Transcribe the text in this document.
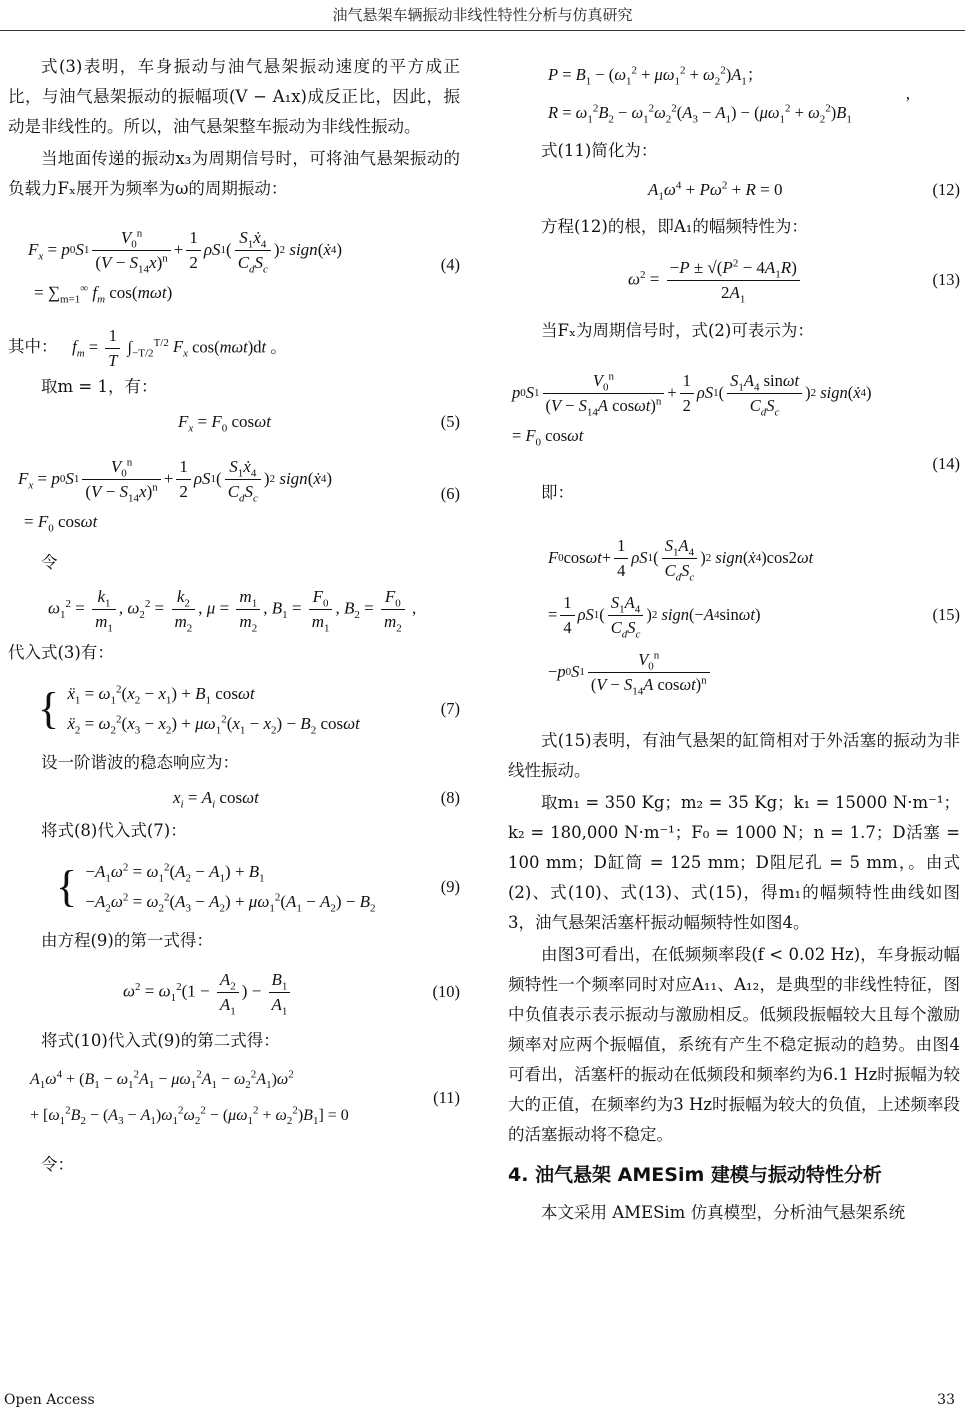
油气悬架车辆振动非线性特性分析与仿真研究

式(3)表明，车身振动与油气悬架振动速度的平方成正比，与油气悬架振动的振幅项(V − A₁x)成反正比，因此，振动是非线性的。所以，油气悬架整车振动为非线性振动。

当地面传递的振动x₃为周期信号时，可将油气悬架振动的负载力Fₓ展开为频率为ω的周期振动：

$F_x = p$ 0 S $1 \frac{V_0^n}{(V - S_{14}x)^n} + \frac{1}{2}$ ρS 1 ( $\frac{S_1ẋ_4}{C_dS_c}$ ) 2
sign ( ẋ 4 )
= $\sum_{m=1}^\infty$ $f_m$ cos(mωt)
(4)
其中： $f_m = \frac{1}{T} \int_{-T/2}^{T/2}$ $F_x$ cos(mωt)dt 。

取m = 1，有：

$F_x = F_0$ cosωt	(5)
$F_x = p$ 0 S $1 \frac{V_0^n}{(V - S_{14}x)^n} + \frac{1}{2}$ ρS 1 ( $\frac{S_1ẋ_4}{C_dS_c}$ ) 2
sign ( ẋ 4 )
= $F_0$ cosωt
(6)

令

$\omega_1^2 = \frac{k_1}{m_1}$ , $\omega_2^2 = \frac{k_2}{m_2}$ , $\mu = \frac{m_1}{m_2}$ , $B_1 = \frac{F_0}{m_1}$ , $B_2 = \frac{F_0}{m_2}$ ,

代入式(3)有：

{ ẍ$_1$ = $\omega_1^2(x_2 - x_1) + B_1$ cosωt
ẍ$_2$ = $\omega_2^2(x_3 - x_2) + \mu\omega_1^2(x_1 - x_2) - B_2$ cosωt
(7)

设一阶谐波的稳态响应为：

$x_i = A_i$ cosωt	(8)

将式(8)代入式(7)：

{ $-A_1\omega^2 = \omega_1^2(A_2 - A_1) + B_1$
$-A_2\omega^2 = \omega_2^2(A_3 - A_2) + \mu\omega_1^2(A_1 - A_2) - B_2$
(9)

由方程(9)的第一式得：

$\omega^2 = \omega_1^2(1 - \frac{A_2}{A_1}$ ) − $\frac{B_1}{A_1}$	(10)

将式(10)代入式(9)的第二式得：

$A_1\omega^4 + (B_1 - \omega_1^2A_1 - \mu\omega_1^2A_1 - \omega_2^2A_1)\omega^2$
+ $[\omega_1^2B_2 - (A_3 - A_1)\omega_1^2\omega_2^2 - (\mu\omega_1^2 + \omega_2^2)B_1] = 0$
(11)

令：

$P = B_1 - (\omega_1^2 + \mu\omega_1^2 + \omega_2^2)A_1$；
$R = \omega_1^2B_2 - \omega_1^2\omega_2^2(A_3 - A_1) - (\mu\omega_1^2 + \omega_2^2)B_1$
,

式(11)简化为：

$A_1\omega^4 + P\omega^2 + R = 0$	(12)

方程(12)的根，即A₁的幅频特性为：

$\omega^2 = \frac{-P \pm √(P^2 - 4A_1R)}{2A_1}$	(13)

当Fₓ为周期信号时，式(2)可表示为：

p 0 S $1 \frac{V_0^n}{(V - S_{14}A \cos\omega t)^n} + \frac{1}{2}$ ρS 1 ( $\frac{S_1A_4 \sin\omega t}{C_dS_c}$ ) 2
sign ( ẋ 4 )
= $F_0$ cosωt
(14)

即：

F 0 $\cos \omega t + \frac{1}{4}$ ρS 1 ( $\frac{S_1A_4}{C_dS_c}$ ) 2
sign ( ẋ 4 )cos2 ωt
= $\frac{1}{4}$ ρS 1 ( $\frac{S_1A_4}{C_dS_c}$ ) 2
sign (− A 4 sin ωt )
− p 0 S $1 \frac{V_0^n}{(V - S_{14}A \cos\omega t)^n}$
(15)

式(15)表明，有油气悬架的缸筒相对于外活塞的振动为非线性振动。

取m₁ = 350 Kg；m₂ = 35 Kg；k₁ = 15000 N·m⁻¹；k₂ = 180,000 N·m⁻¹；F₀ = 1000 N；n = 1.7；D活塞 = 100 mm；D缸筒 = 125 mm；D阻尼孔 = 5 mm，。由式(2)、式(10)、式(13)、式(15)，得m₁的幅频特性曲线如图3，油气悬架活塞杆振动幅频特性如图4。

由图3可看出，在低频频率段(f < 0.02 Hz)，车身振动幅频特性一个频率同时对应A₁₁、A₁₂，是典型的非线性特征，图中负值表示表示振动与激励相反。低频段振幅较大且每个激励频率对应两个振幅值，系统有产生不稳定振动的趋势。由图4可看出，活塞杆的振动在低频段和频率约为6.1 Hz时振幅为较大的正值，在频率约为3 Hz时振幅为较大的负值，上述频率段的活塞振动将不稳定。

4. 油气悬架 AMESim 建模与振动特性分析

本文采用 AMESim 仿真模型，分析油气悬架系统

Open Access	33
